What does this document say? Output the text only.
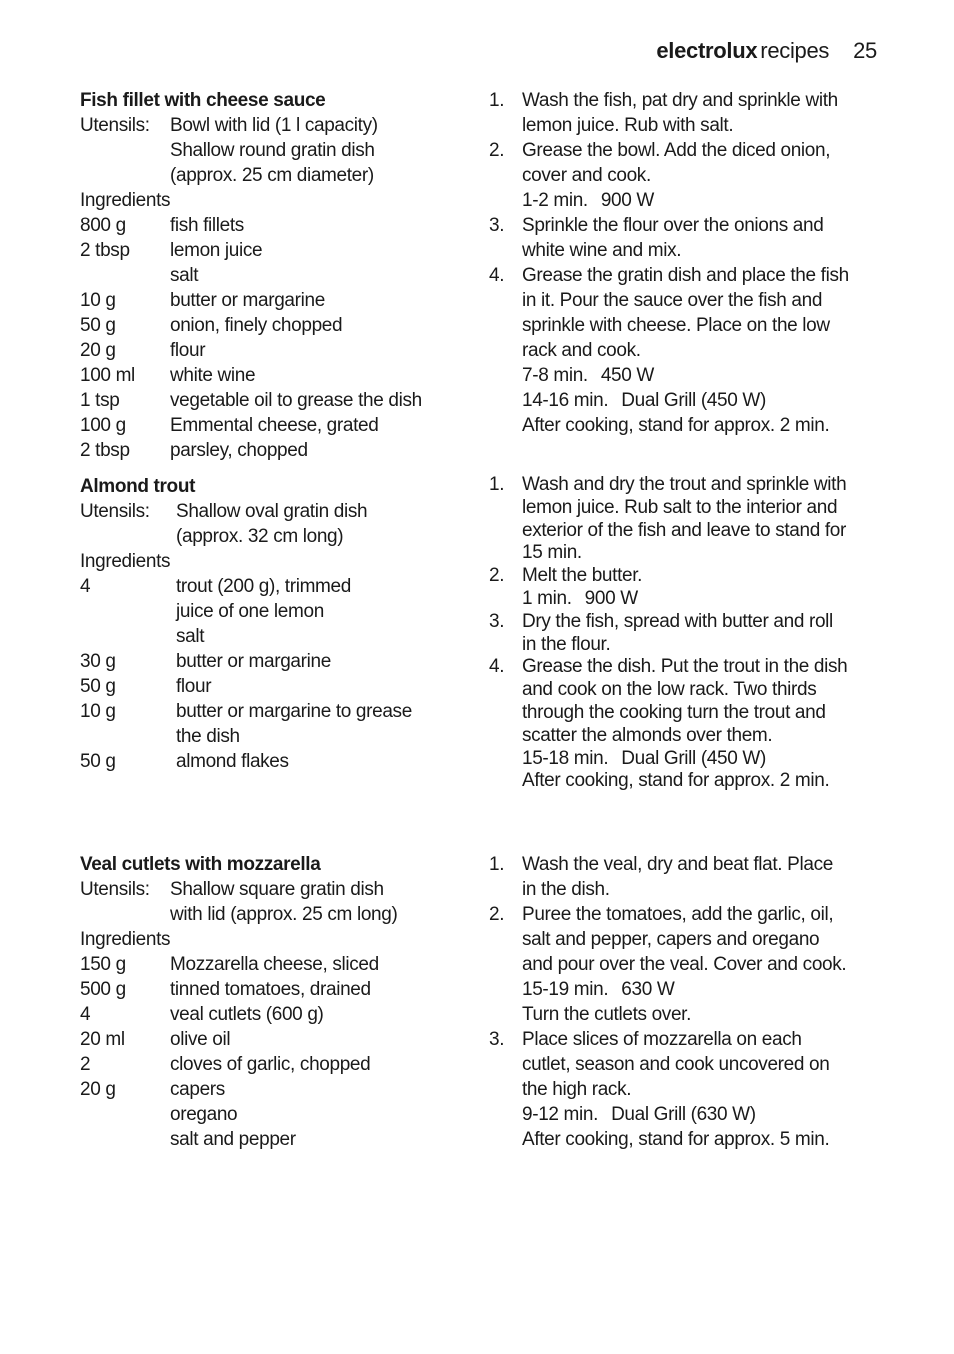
electrolux recipes 25
Fish fillet with cheese sauce
Utensils:	Bowl with lid (1 l capacity)
Shallow round gratin dish
(approx. 25 cm diameter)
Ingredients
800 g	fish fillets
2 tbsp	lemon juice
salt
10 g	butter or margarine
50 g	onion, finely chopped
20 g	flour
100 ml	white wine
1 tsp	vegetable oil to grease the dish
100 g	Emmental cheese, grated
2 tbsp	parsley, chopped
1. Wash the fish, pat dry and sprinkle with lemon juice. Rub with salt.
2. Grease the bowl. Add the diced onion, cover and cook.
1-2 min. 900 W
3. Sprinkle the flour over the onions and white wine and mix.
4. Grease the gratin dish and place the fish in it. Pour the sauce over the fish and sprinkle with cheese. Place on the low rack and cook.
7-8 min. 450 W
14-16 min. Dual Grill (450 W)
After cooking, stand for approx. 2 min.
Almond trout
Utensils:	Shallow oval gratin dish
(approx. 32 cm long)
Ingredients
4	trout (200 g), trimmed
juice of one lemon
salt
30 g	butter or margarine
50 g	flour
10 g	butter or margarine to grease
the dish
50 g	almond flakes
1. Wash and dry the trout and sprinkle with lemon juice. Rub salt to the interior and exterior of the fish and leave to stand for 15 min.
2. Melt the butter.
1 min. 900 W
3. Dry the fish, spread with butter and roll in the flour.
4. Grease the dish. Put the trout in the dish and cook on the low rack. Two thirds through the cooking turn the trout and scatter the almonds over them.
15-18 min. Dual Grill (450 W)
After cooking, stand for approx. 2 min.
Veal cutlets with mozzarella
Utensils:	Shallow square gratin dish
with lid (approx. 25 cm long)
Ingredients
150 g	Mozzarella cheese, sliced
500 g	tinned tomatoes, drained
4	veal cutlets (600 g)
20 ml	olive oil
2	cloves of garlic, chopped
20 g	capers
oregano
salt and pepper
1. Wash the veal, dry and beat flat. Place in the dish.
2. Puree the tomatoes, add the garlic, oil, salt and pepper, capers and oregano and pour over the veal. Cover and cook.
15-19 min. 630 W
Turn the cutlets over.
3. Place slices of mozzarella on each cutlet, season and cook uncovered on the high rack.
9-12 min. Dual Grill (630 W)
After cooking, stand for approx. 5 min.
